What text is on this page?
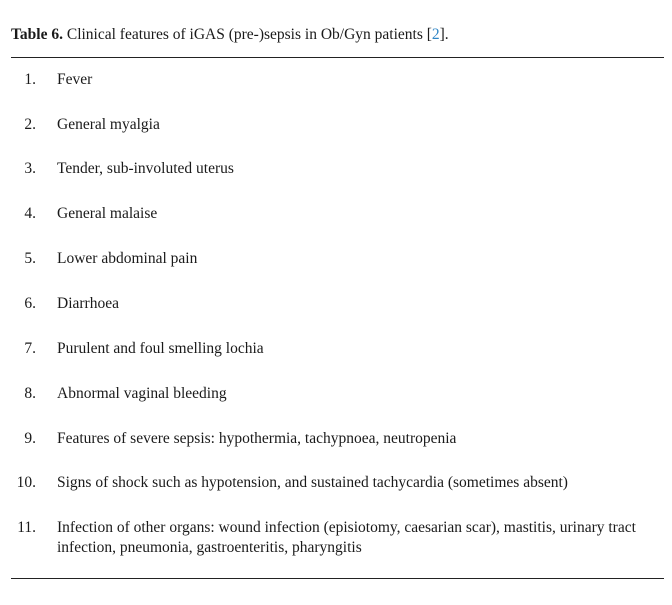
Table 6. Clinical features of iGAS (pre-)sepsis in Ob/Gyn patients [2].
1. Fever
2. General myalgia
3. Tender, sub-involuted uterus
4. General malaise
5. Lower abdominal pain
6. Diarrhoea
7. Purulent and foul smelling lochia
8. Abnormal vaginal bleeding
9. Features of severe sepsis: hypothermia, tachypnoea, neutropenia
10. Signs of shock such as hypotension, and sustained tachycardia (sometimes absent)
11. Infection of other organs: wound infection (episiotomy, caesarian scar), mastitis, urinary tract infection, pneumonia, gastroenteritis, pharyngitis
